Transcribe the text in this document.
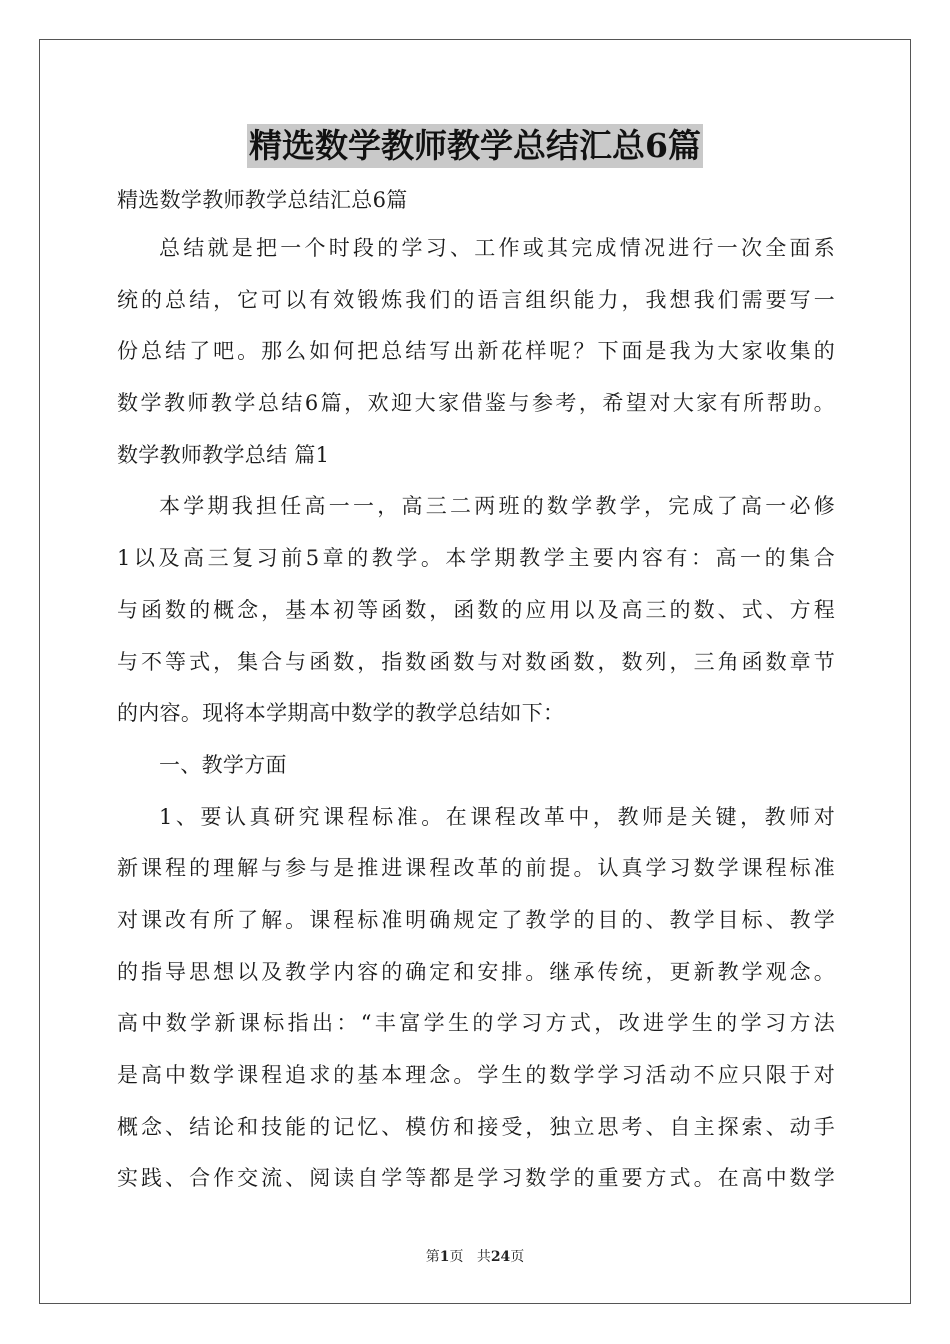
精选数学教师教学总结汇总6篇
精选数学教师教学总结汇总6篇
总结就是把一个时段的学习、工作或其完成情况进行一次全面系
统的总结，它可以有效锻炼我们的语言组织能力，我想我们需要写一
份总结了吧。那么如何把总结写出新花样呢？下面是我为大家收集的
数学教师教学总结6篇，欢迎大家借鉴与参考，希望对大家有所帮助。
数学教师教学总结 篇1
本学期我担任高一一，高三二两班的数学教学，完成了高一必修
1以及高三复习前5章的教学。本学期教学主要内容有：高一的集合
与函数的概念，基本初等函数，函数的应用以及高三的数、式、方程
与不等式，集合与函数，指数函数与对数函数，数列，三角函数章节
的内容。现将本学期高中数学的教学总结如下：
一、教学方面
1、要认真研究课程标准。在课程改革中，教师是关键，教师对
新课程的理解与参与是推进课程改革的前提。认真学习数学课程标准
对课改有所了解。课程标准明确规定了教学的目的、教学目标、教学
的指导思想以及教学内容的确定和安排。继承传统，更新教学观念。
高中数学新课标指出：“丰富学生的学习方式，改进学生的学习方法
是高中数学课程追求的基本理念。学生的数学学习活动不应只限于对
概念、结论和技能的记忆、模仿和接受，独立思考、自主探索、动手
实践、合作交流、阅读自学等都是学习数学的重要方式。在高中数学
第1页 共24页
